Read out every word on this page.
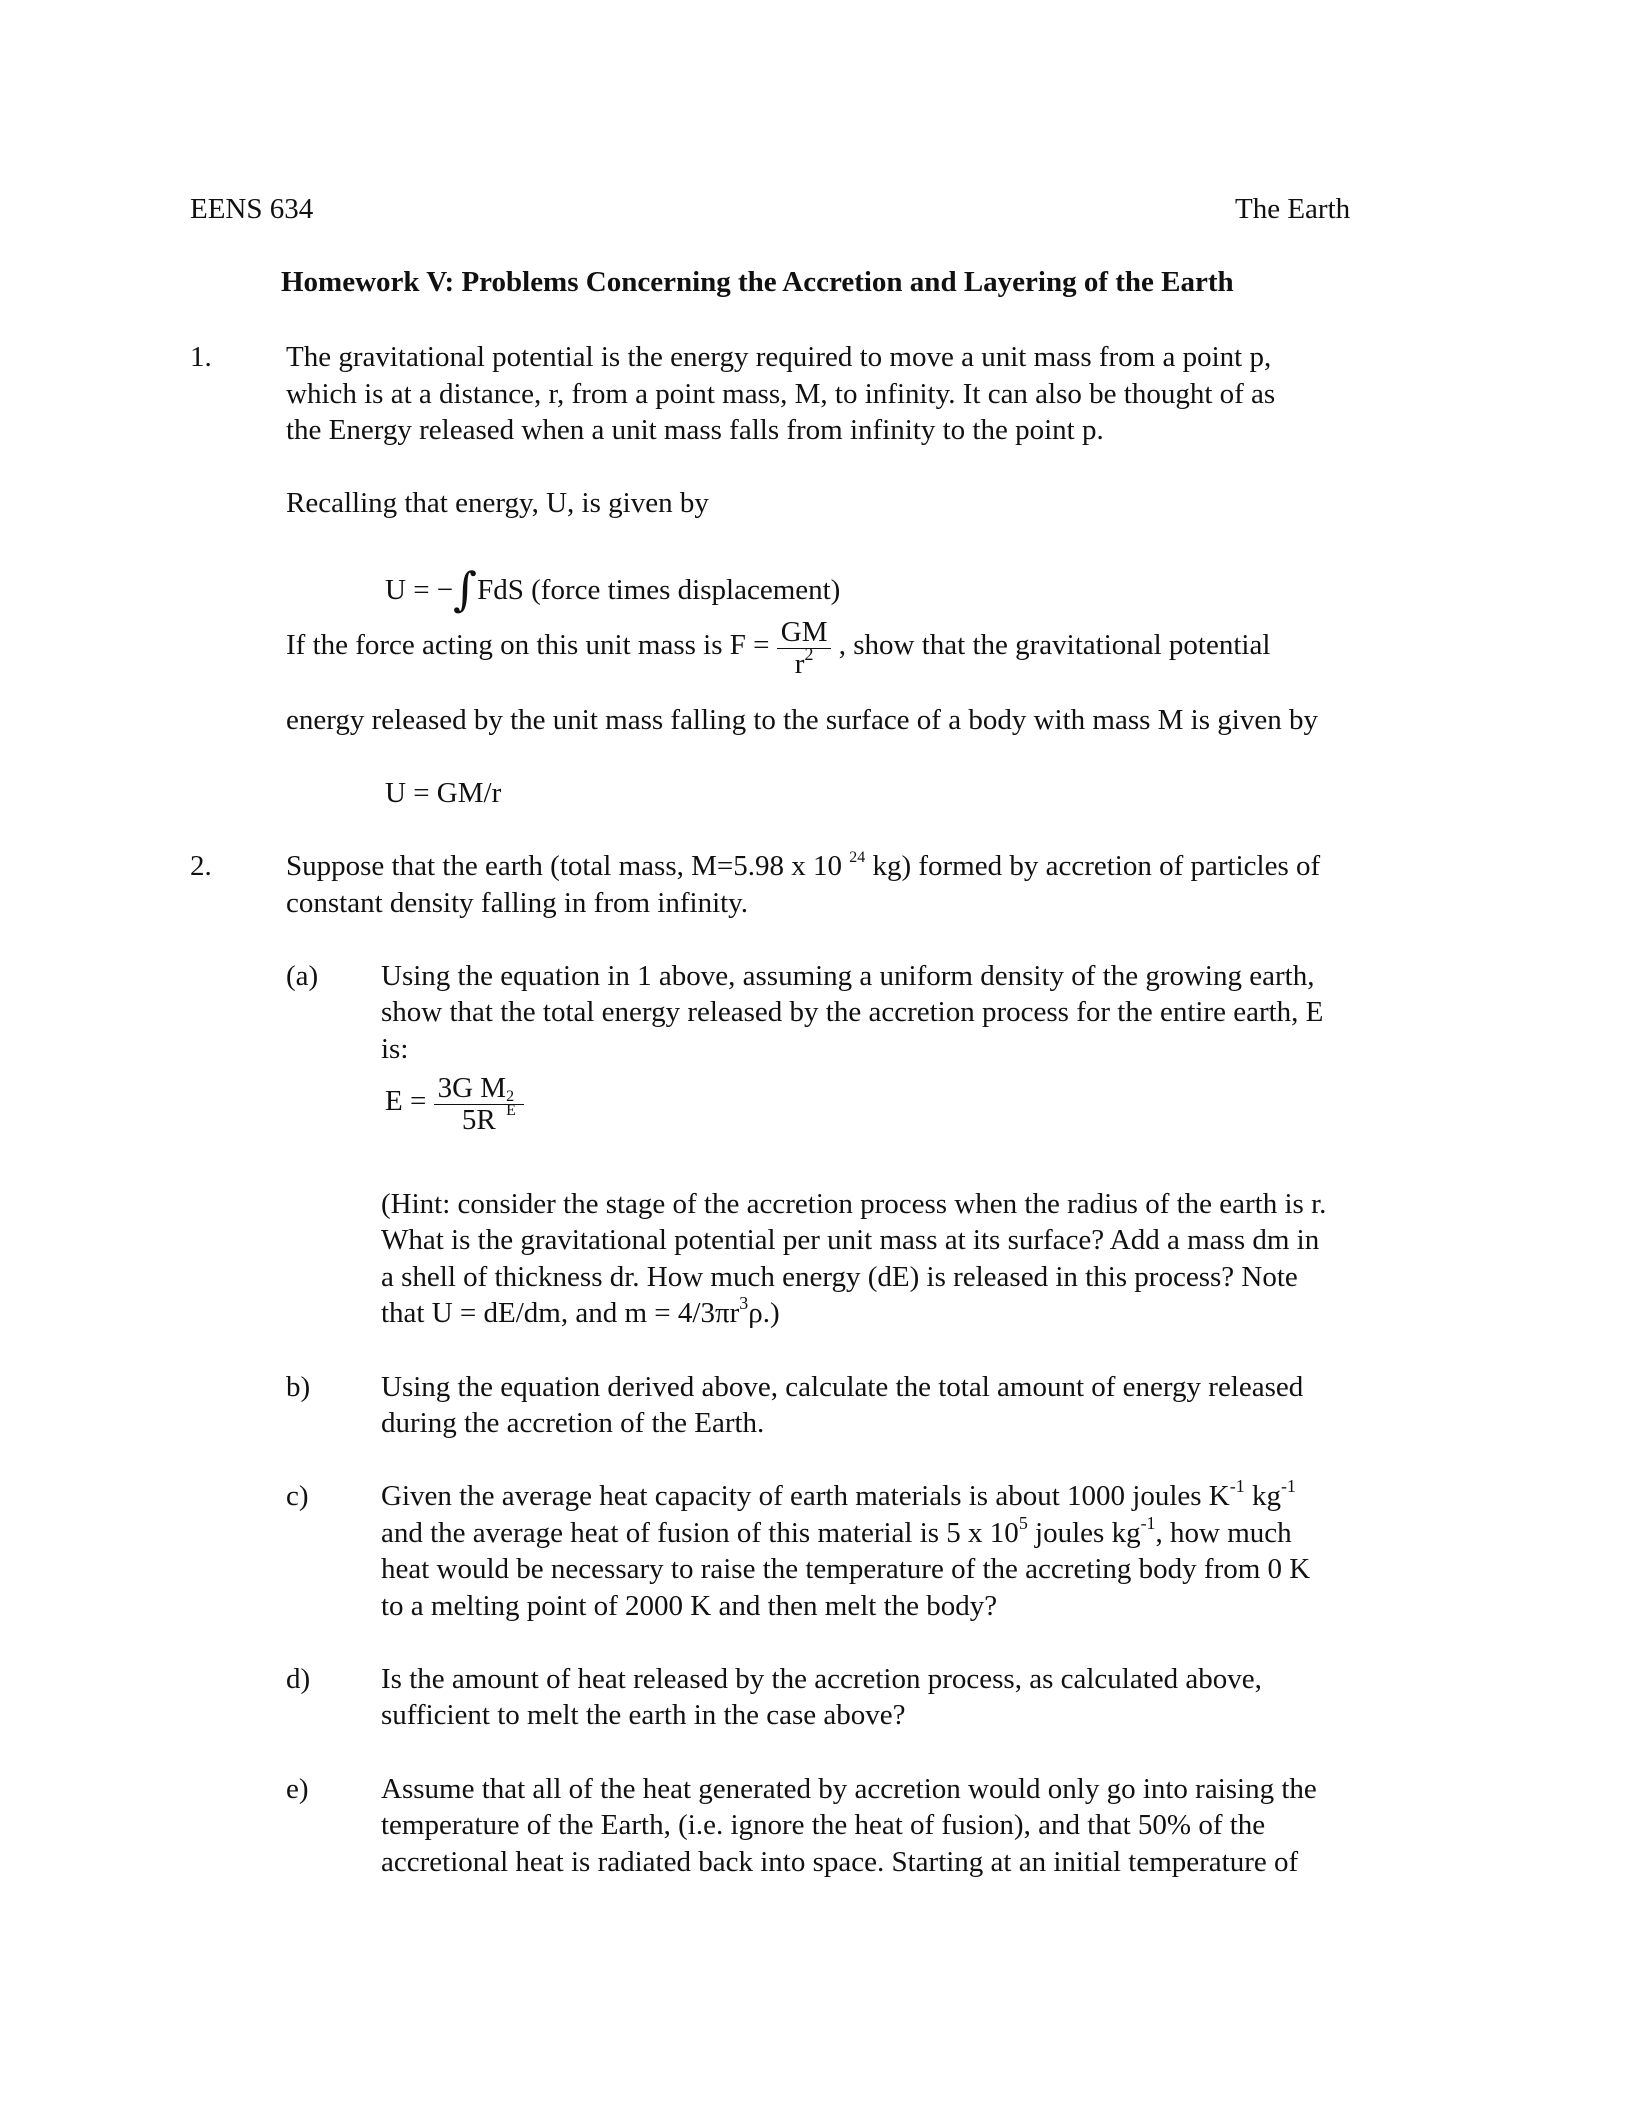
EENS 634	The Earth
Homework V: Problems Concerning the Accretion and Layering of the Earth
1.	The gravitational potential is the energy required to move a unit mass from a point p,
which is at a distance, r, from a point mass, M, to infinity. It can also be thought of as
the Energy released when a unit mass falls from infinity to the point p.
Recalling that energy, U, is given by
U = −∫FdS (force times displacement)
If the force acting on this unit mass is $F = \frac{GM}{r^2}$ , show that the gravitational potential
energy released by the unit mass falling to the surface of a body with mass M is given by
U = GM/r
2.	Suppose that the earth (total mass, M=5.98 x 10 $^{24}$ kg) formed by accretion of particles of
constant density falling in from infinity.
(a) Using the equation in 1 above, assuming a uniform density of the growing earth,
show that the total energy released by the accretion process for the entire earth, E
is:
E = 3G M 2
E
5R
(Hint: consider the stage of the accretion process when the radius of the earth is r.
What is the gravitational potential per unit mass at its surface? Add a mass dm in
a shell of thickness dr. How much energy (dE) is released in this process? Note
that U = dE/dm, and $m = 4/3\pi r^3\rho$.)
b) Using the equation derived above, calculate the total amount of energy released
during the accretion of the Earth.
c) Given the average heat capacity of earth materials is about 1000 joules $K^{-1}$ $kg^{-1}$
and the average heat of fusion of this material is 5 x $10^5$ joules $kg^{-1}$, how much
heat would be necessary to raise the temperature of the accreting body from 0 K
to a melting point of 2000 K and then melt the body?
d) Is the amount of heat released by the accretion process, as calculated above,
sufficient to melt the earth in the case above?
e) Assume that all of the heat generated by accretion would only go into raising the
temperature of the Earth, (i.e. ignore the heat of fusion), and that 50% of the
accretional heat is radiated back into space. Starting at an initial temperature of
